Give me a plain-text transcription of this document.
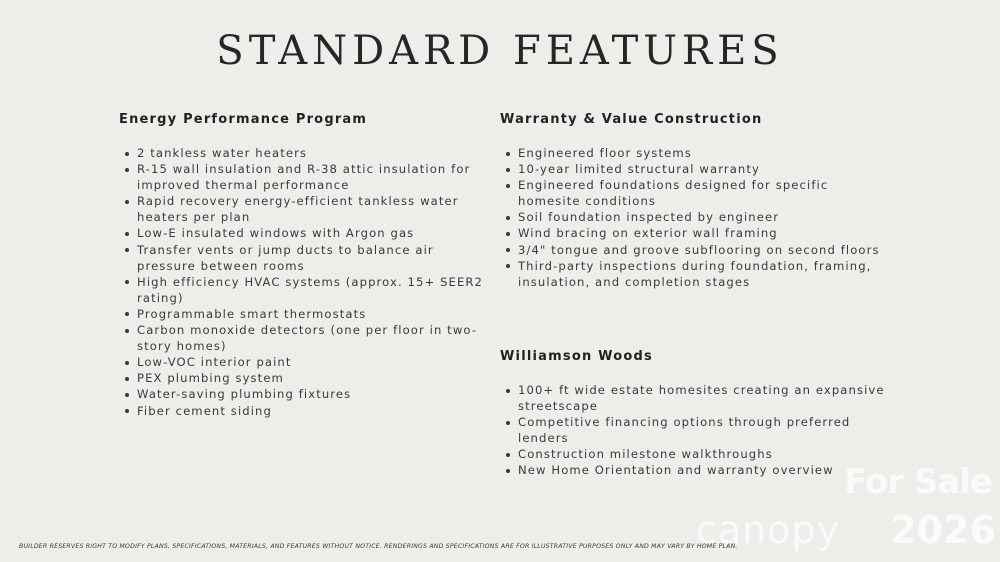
STANDARD FEATURES
Energy Performance Program
2 tankless water heaters
R-15 wall insulation and R-38 attic insulation for improved thermal performance
Rapid recovery energy-efficient tankless water heaters per plan
Low-E insulated windows with Argon gas
Transfer vents or jump ducts to balance air pressure between rooms
High efficiency HVAC systems (approx. 15+ SEER2 rating)
Programmable smart thermostats
Carbon monoxide detectors (one per floor in two-story homes)
Low-VOC interior paint
PEX plumbing system
Water-saving plumbing fixtures
Fiber cement siding
Warranty & Value Construction
Engineered floor systems
10-year limited structural warranty
Engineered foundations designed for specific homesite conditions
Soil foundation inspected by engineer
Wind bracing on exterior wall framing
3/4" tongue and groove subflooring on second floors
Third-party inspections during foundation, framing, insulation, and completion stages
Williamson Woods
100+ ft wide estate homesites creating an expansive streetscape
Competitive financing options through preferred lenders
Construction milestone walkthroughs
New Home Orientation and warranty overview
BUILDER RESERVES RIGHT TO MODIFY PLANS, SPECIFICATIONS, MATERIALS, AND FEATURES WITHOUT NOTICE. RENDERINGS AND SPECIFICATIONS ARE FOR ILLUSTRATIVE PURPOSES ONLY AND MAY VARY BY HOME PLAN.
For Sale
canopy 2026
